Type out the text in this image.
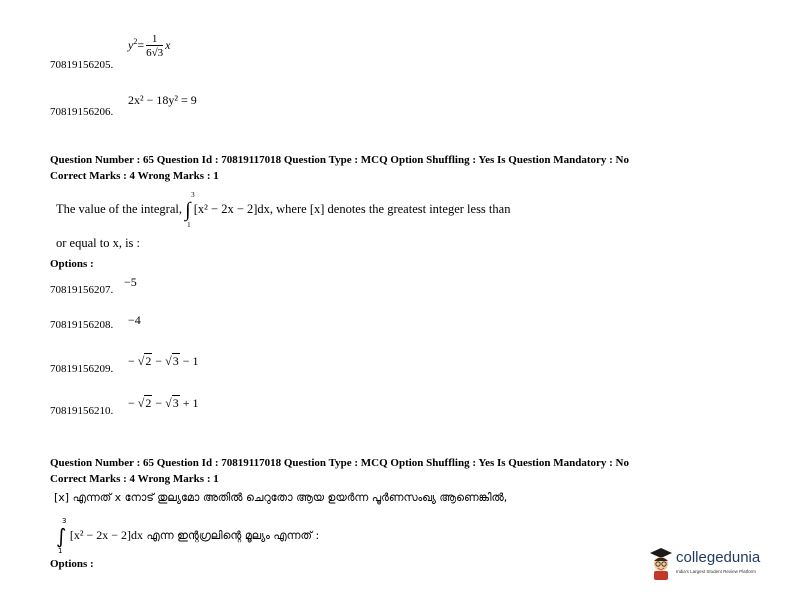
$y^2= \frac{1}{6√3}$ x
70819156205.
2x² − 18y² = 9
70819156206.
Question Number : 65 Question Id : 70819117018 Question Type : MCQ Option Shuffling : Yes Is Question Mandatory : No
Correct Marks : 4 Wrong Marks : 1
The value of the integral, ∫
3
1
[x² − 2x − 2]dx, where [x] denotes the greatest integer less than
or equal to x, is :
Options :
−5
70819156207.
−4
70819156208.
− √2 − √3 − 1
70819156209.
− √2 − √3 + 1
70819156210.
Question Number : 65 Question Id : 70819117018 Question Type : MCQ Option Shuffling : Yes Is Question Mandatory : No
Correct Marks : 4 Wrong Marks : 1
[x] എന്നത് x നോട് തുല്യമോ അതിൽ ചെറുതോ ആയ ഉയർന്ന പൂർണസംഖ്യ ആണെങ്കിൽ,
∫
3
1
[x² − 2x − 2]dx എന്ന ഇന്റഗ്രലിന്റെ മൂല്യം എന്നത് :
Options :	collegedunia
India's Largest Student Review Platform
